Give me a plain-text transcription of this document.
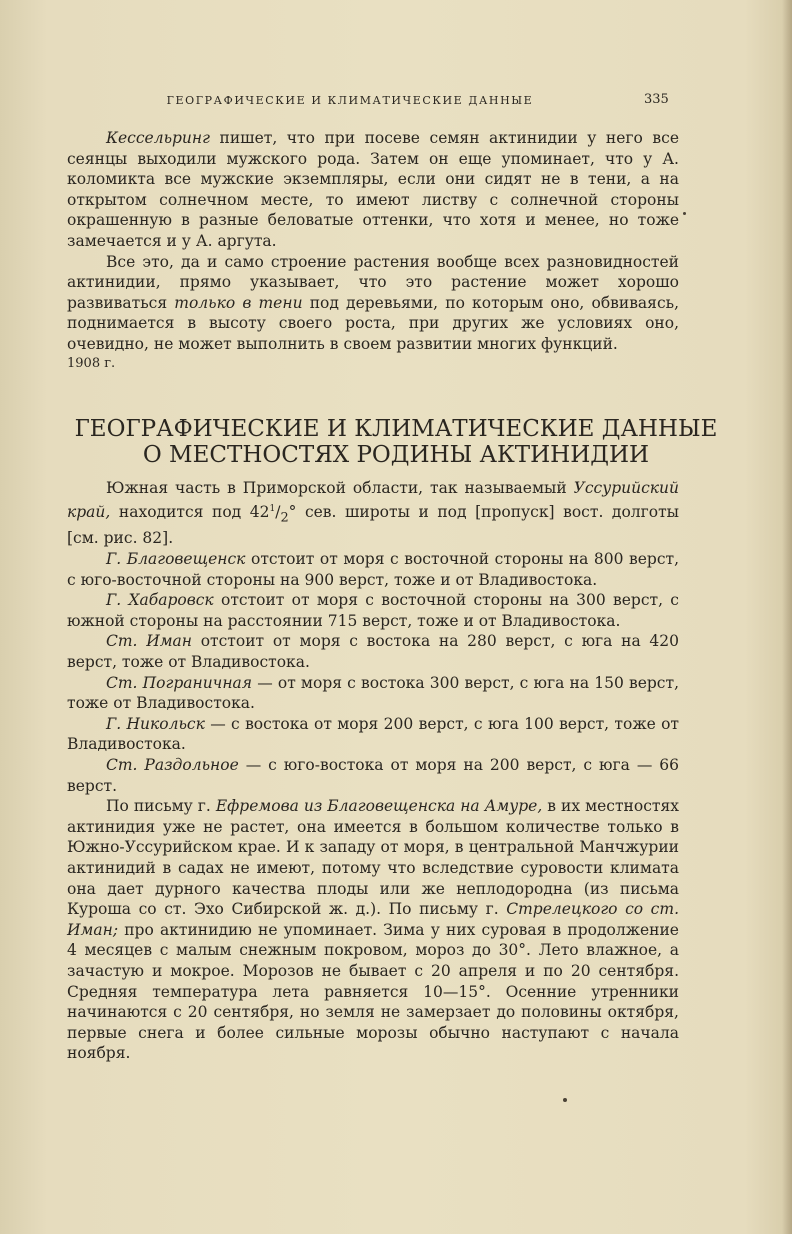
ГЕОГРАФИЧЕСКИЕ И КЛИМАТИЧЕСКИЕ ДАННЫЕ	335

Кессельринг пишет, что при посеве семян актинидии у него все сеянцы выходили мужского рода. Затем он еще упоминает, что у А. коломикта все мужские экземпляры, если они сидят не в тени, а на открытом солнечном месте, то имеют листву с солнечной стороны окрашенную в разные беловатые оттенки, что хотя и менее, но тоже замечается и у А. аргута.

Все это, да и само строение растения вообще всех разновидностей актинидии, прямо указывает, что это растение может хорошо развиваться только в тени под деревьями, по которым оно, обвиваясь, поднимается в высоту своего роста, при других же условиях оно, очевидно, не может выполнить в своем развитии многих функций.

1908 г.
ГЕОГРАФИЧЕСКИЕ И КЛИМАТИЧЕСКИЕ ДАННЫЕ
О МЕСТНОСТЯХ РОДИНЫ АКТИНИДИИ

Южная часть в Приморской области, так называемый Уссурийский край, находится под $42^1/_2^\circ$ сев. широты и под [пропуск] вост. долготы [см. рис. 82].

Г. Благовещенск отстоит от моря с восточной стороны на 800 верст, с юго-восточной стороны на 900 верст, тоже и от Владивостока.

Г. Хабаровск отстоит от моря с восточной стороны на 300 верст, с южной стороны на расстоянии 715 верст, тоже и от Владивостока.

Ст. Иман отстоит от моря с востока на 280 верст, с юга на 420 верст, тоже от Владивостока.

Ст. Пограничная — от моря с востока 300 верст, с юга на 150 верст, тоже от Владивостока.

Г. Никольск — с востока от моря 200 верст, с юга 100 верст, тоже от Владивостока.

Ст. Раздольное — с юго-востока от моря на 200 верст, с юга — 66 верст.

По письму г. Ефремова из Благовещенска на Амуре, в их местностях актинидия уже не растет, она имеется в большом количестве только в Южно-Уссурийском крае. И к западу от моря, в центральной Манчжурии актинидий в садах не имеют, потому что вследствие суровости климата она дает дурного качества плоды или же неплодородна (из письма Куроша со ст. Эхо Сибирской ж. д.). По письму г. Стрелецкого со ст. Иман; про актинидию не упоминает. Зима у них суровая в продолжение 4 месяцев с малым снежным покровом, мороз до 30°. Лето влажное, а зачастую и мокрое. Морозов не бывает с 20 апреля и по 20 сентября. Средняя температура лета равняется 10—15°. Осенние утренники начинаются с 20 сентября, но земля не замерзает до половины октября, первые снега и более сильные морозы обычно наступают с начала ноября.
